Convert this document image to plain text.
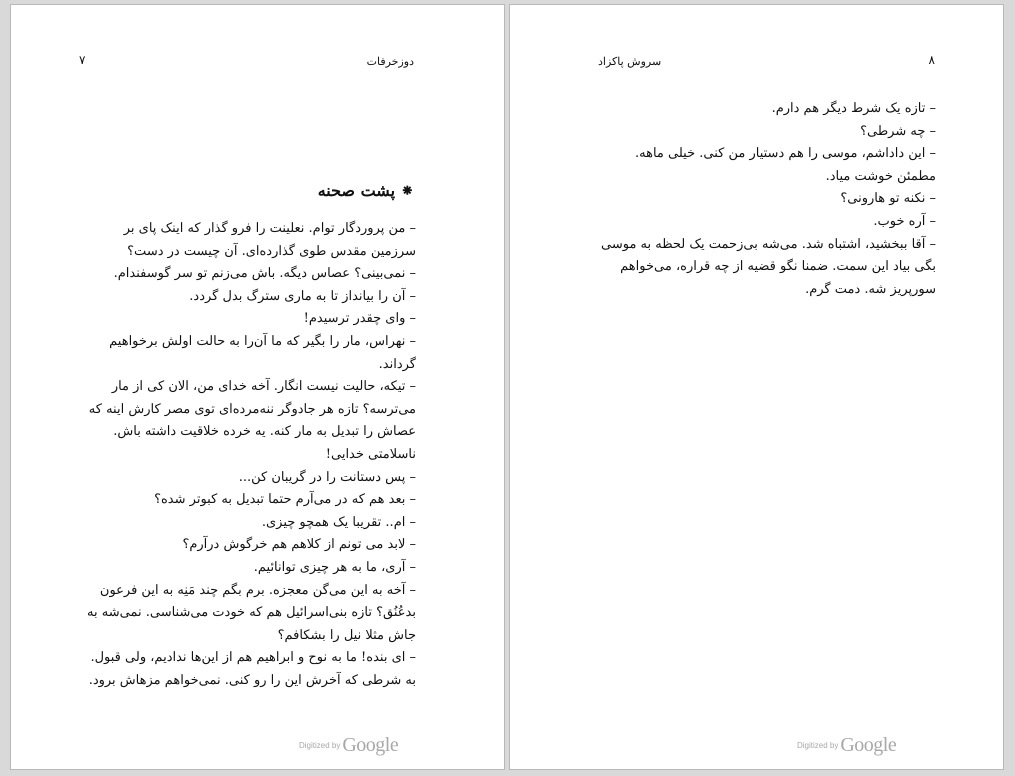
دوزخرفات
۷
⁕ پشت صحنه

– من پروردگار توام. نعلینت را فرو گذار که اینک پای بر سرزمین مقدس طوی گذارده‌ای. آن چیست در دست؟

– نمی‌بینی؟ عصاس دیگه. باش می‌زنم تو سر گوسفندام.

– آن را بیانداز تا به ماری سترگ بدل گردد.

– وای چقدر ترسیدم!

– نهراس، مار را بگیر که ما آن‌را به حالت اولش برخواهیم گرداند.

– تیکه، حالیت نیست انگار. آخه خدای من، الان کی از مار می‌ترسه؟ تازه هر جادوگر ننه‌مرده‌ای توی مصر کارش اینه که عصاش را تبدیل به مار کنه. یه خرده خلاقیت داشته باش. ناسلامتی خدایی!

– پس دستانت را در گریبان کن...

– بعد هم که در می‌آرم حتما تبدیل به کبوتر شده؟

– ام.. تقریبا یک همچو چیزی.

– لابد می تونم از کلاهم هم خرگوش درآرم؟

– آری، ما به هر چیزی توانائیم.

– آخه به این می‌گن معجزه. برم بگم چند مَنِه به این فرعون بدعُنُق؟ تازه بنی‌اسرائیل هم که خودت می‌شناسی. نمی‌شه به جاش مثلا نیل را بشکافم؟

– ای بنده! ما به نوح و ابراهیم هم از این‌ها ندادیم، ولی قبول. به شرطی که آخرش این را رو کنی. نمی‌خواهم مزهاش برود.

Digitized by Google
۸
سروش پاکزاد

– تازه یک شرط دیگر هم دارم.

– چه شرطی؟

– این داداشم، موسی را هم دستیار من کنی. خیلی ماهه. مطمئن خوشت میاد.

– نکنه تو هارونی؟

– آره خوب.

– آقا ببخشید، اشتباه شد. می‌شه بی‌زحمت یک لحظه به موسی بگی بیاد این سمت. ضمنا نگو قضیه از چه قراره، می‌خواهم سورپریز شه. دمت گرم.

Digitized by Google
